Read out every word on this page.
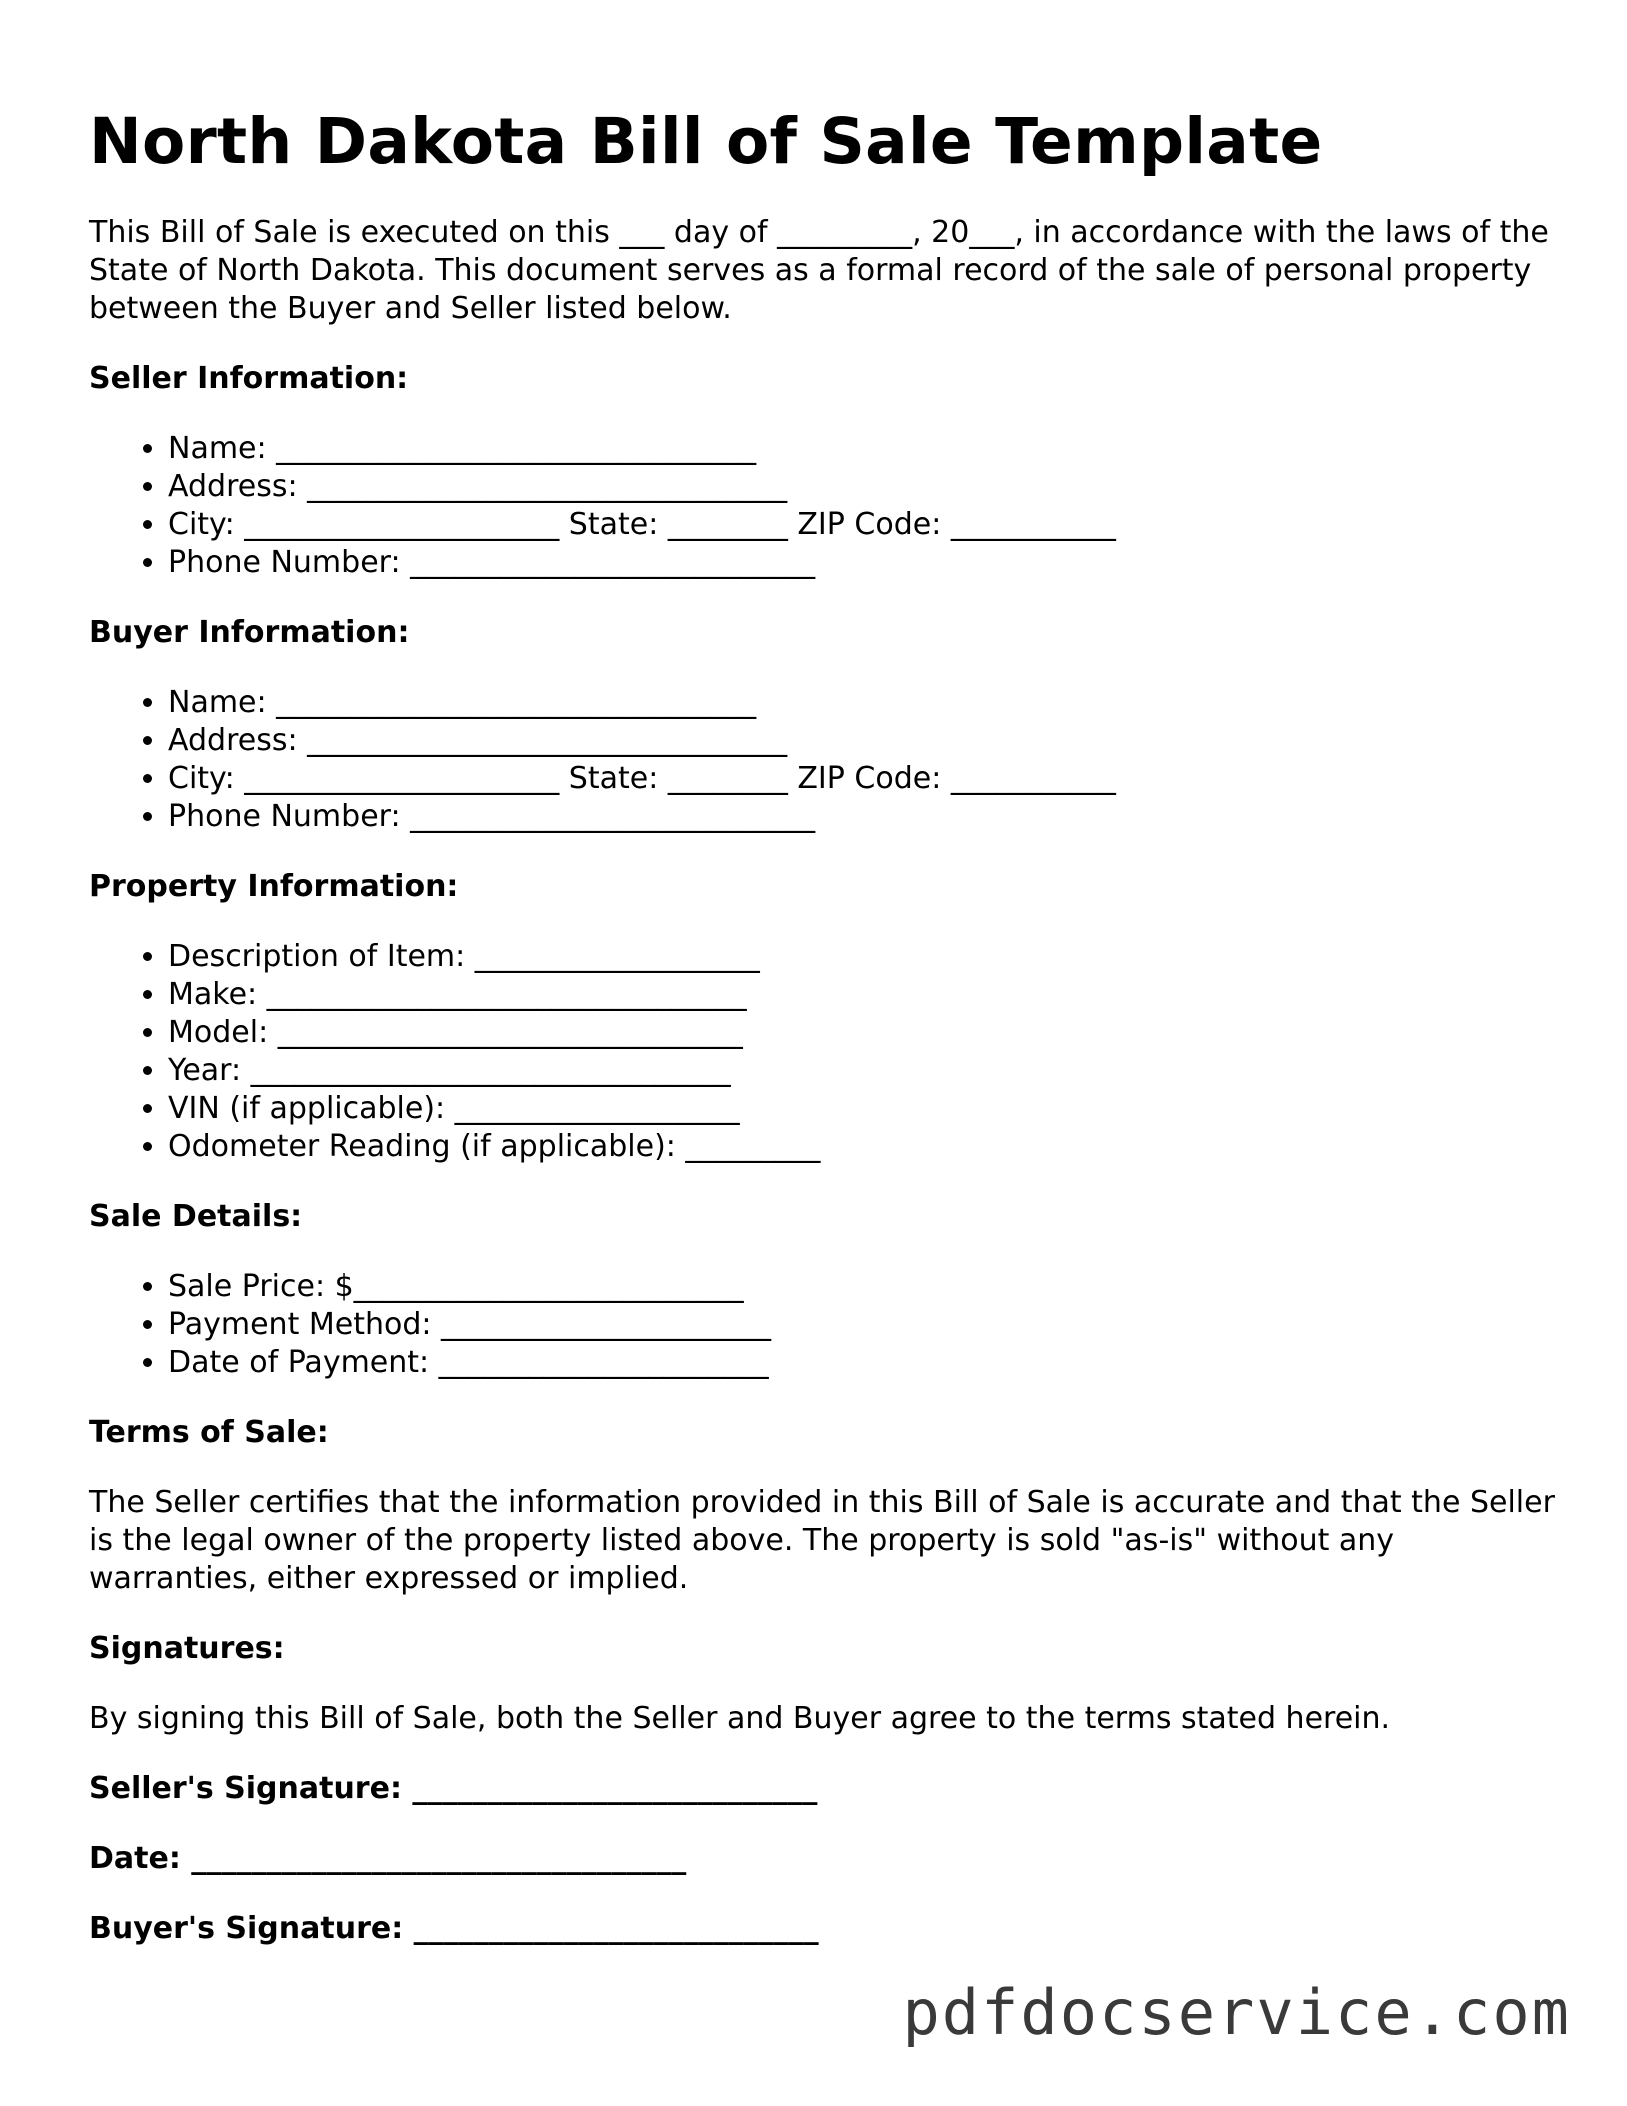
North Dakota Bill of Sale Template

This Bill of Sale is executed on this ___ day of _________, 20___, in accordance with the laws of the State of North Dakota. This document serves as a formal record of the sale of personal property between the Buyer and Seller listed below.

Seller Information:
• Name: ________________________________
• Address: ________________________________
• City: _____________________ State: ________ ZIP Code: ___________
• Phone Number: ___________________________
Buyer Information:
• Name: ________________________________
• Address: ________________________________
• City: _____________________ State: ________ ZIP Code: ___________
• Phone Number: ___________________________
Property Information:
• Description of Item: ___________________
• Make: ________________________________
• Model: _______________________________
• Year: ________________________________
• VIN (if applicable): ___________________
• Odometer Reading (if applicable): _________
Sale Details:
• Sale Price: $__________________________
• Payment Method: ______________________
• Date of Payment: ______________________
Terms of Sale:

The Seller certifies that the information provided in this Bill of Sale is accurate and that the Seller is the legal owner of the property listed above. The property is sold "as-is" without any warranties, either expressed or implied.

Signatures:

By signing this Bill of Sale, both the Seller and Buyer agree to the terms stated herein.

Seller's Signature: ___________________________
Date: _________________________________
Buyer's Signature: ___________________________
pdfdocservice.com
